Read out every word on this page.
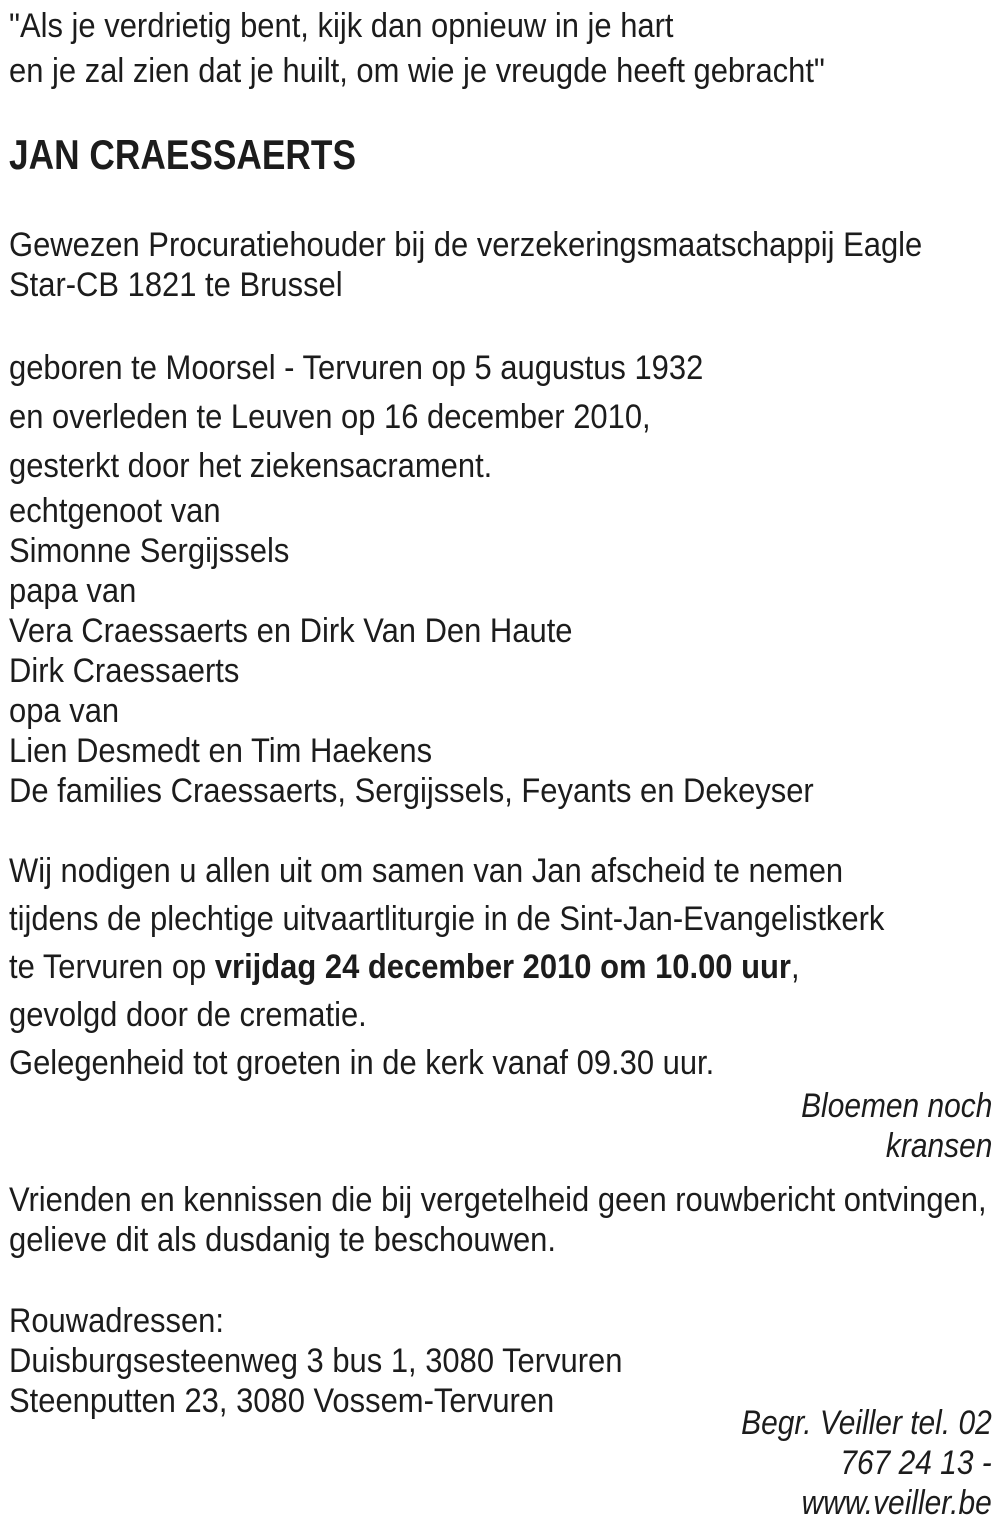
"Als je verdrietig bent, kijk dan opnieuw in je hart
en je zal zien dat je huilt, om wie je vreugde heeft gebracht"
JAN CRAESSAERTS
Gewezen Procuratiehouder bij de verzekeringsmaatschappij Eagle
Star-CB 1821 te Brussel
geboren te Moorsel - Tervuren op 5 augustus 1932
en overleden te Leuven op 16 december 2010,
gesterkt door het ziekensacrament.
echtgenoot van
Simonne Sergijssels
papa van
Vera Craessaerts en Dirk Van Den Haute
Dirk Craessaerts
opa van
Lien Desmedt en Tim Haekens
De families Craessaerts, Sergijssels, Feyants en Dekeyser
Wij nodigen u allen uit om samen van Jan afscheid te nemen
tijdens de plechtige uitvaartliturgie in de Sint-Jan-Evangelistkerk
te Tervuren op vrijdag 24 december 2010 om 10.00 uur,
gevolgd door de crematie.
Gelegenheid tot groeten in de kerk vanaf 09.30 uur.
Bloemen noch
kransen
Vrienden en kennissen die bij vergetelheid geen rouwbericht ontvingen,
gelieve dit als dusdanig te beschouwen.
Rouwadressen:
Duisburgsesteenweg 3 bus 1, 3080 Tervuren
Steenputten 23, 3080 Vossem-Tervuren
Begr. Veiller tel. 02
767 24 13 -
www.veiller.be
